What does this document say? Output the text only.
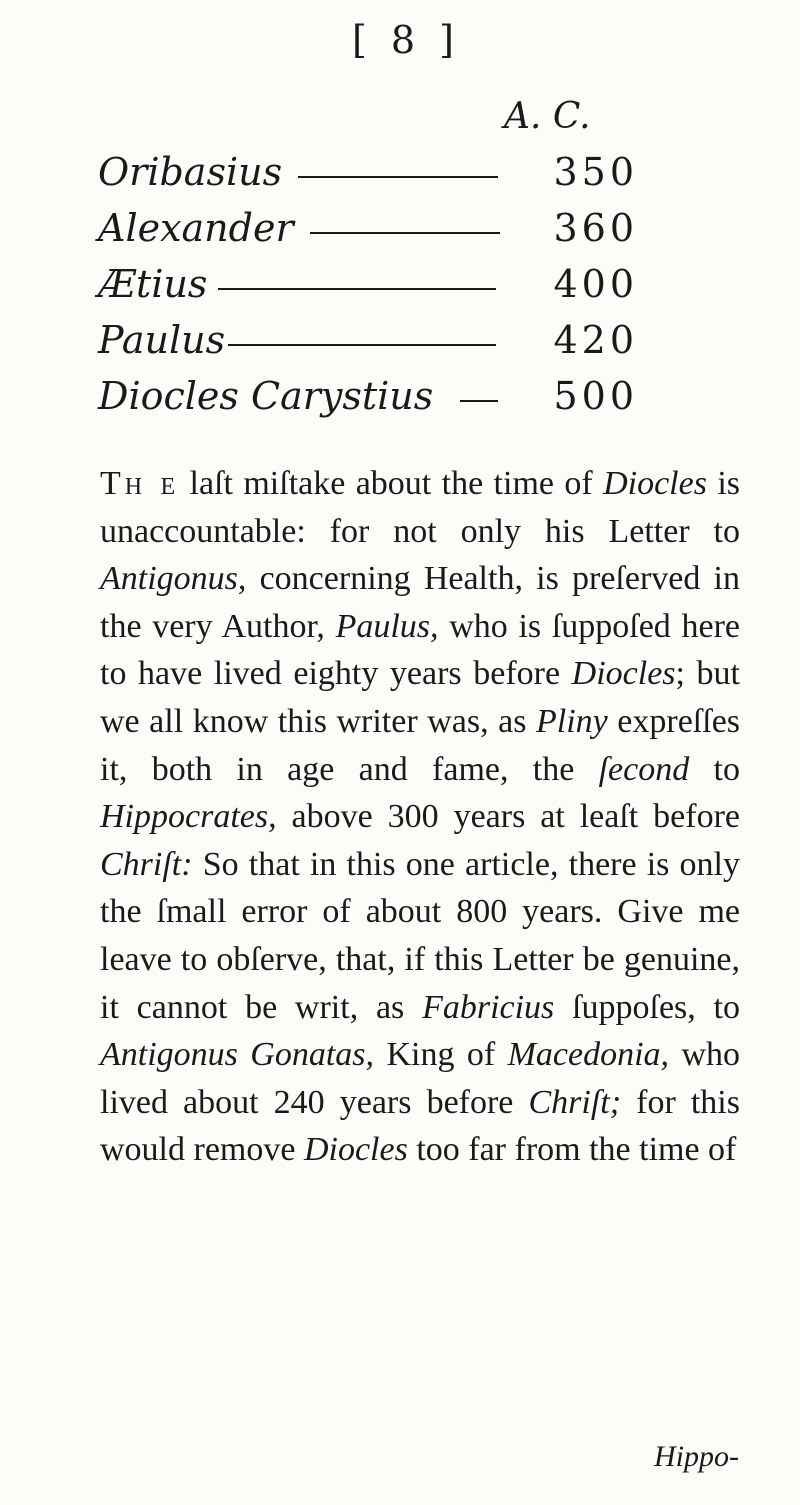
[ 8 ]
A. C.
Oribasius	350
Alexander	360
Ætius	400
Paulus	420
Diocles Carystius	500

Th e laſt miſtake about the time of Diocles is unaccountable: for not only his Letter to Antigonus, concerning Health, is preſerved in the very Author, Paulus, who is ſuppoſed here to have lived eighty years before Diocles; but we all know this writer was, as Pliny expreſſes it, both in age and fame, the ſecond to Hippocrates, above 300 years at leaſt before Chriſt: So that in this one article, there is only the ſmall error of about 800 years. Give me leave to obſerve, that, if this Letter be genuine, it cannot be writ, as Fabricius ſuppoſes, to Antigonus Gonatas, King of Macedonia, who lived about 240 years before Chriſt; for this would remove Diocles too far from the time of

Hippo-
